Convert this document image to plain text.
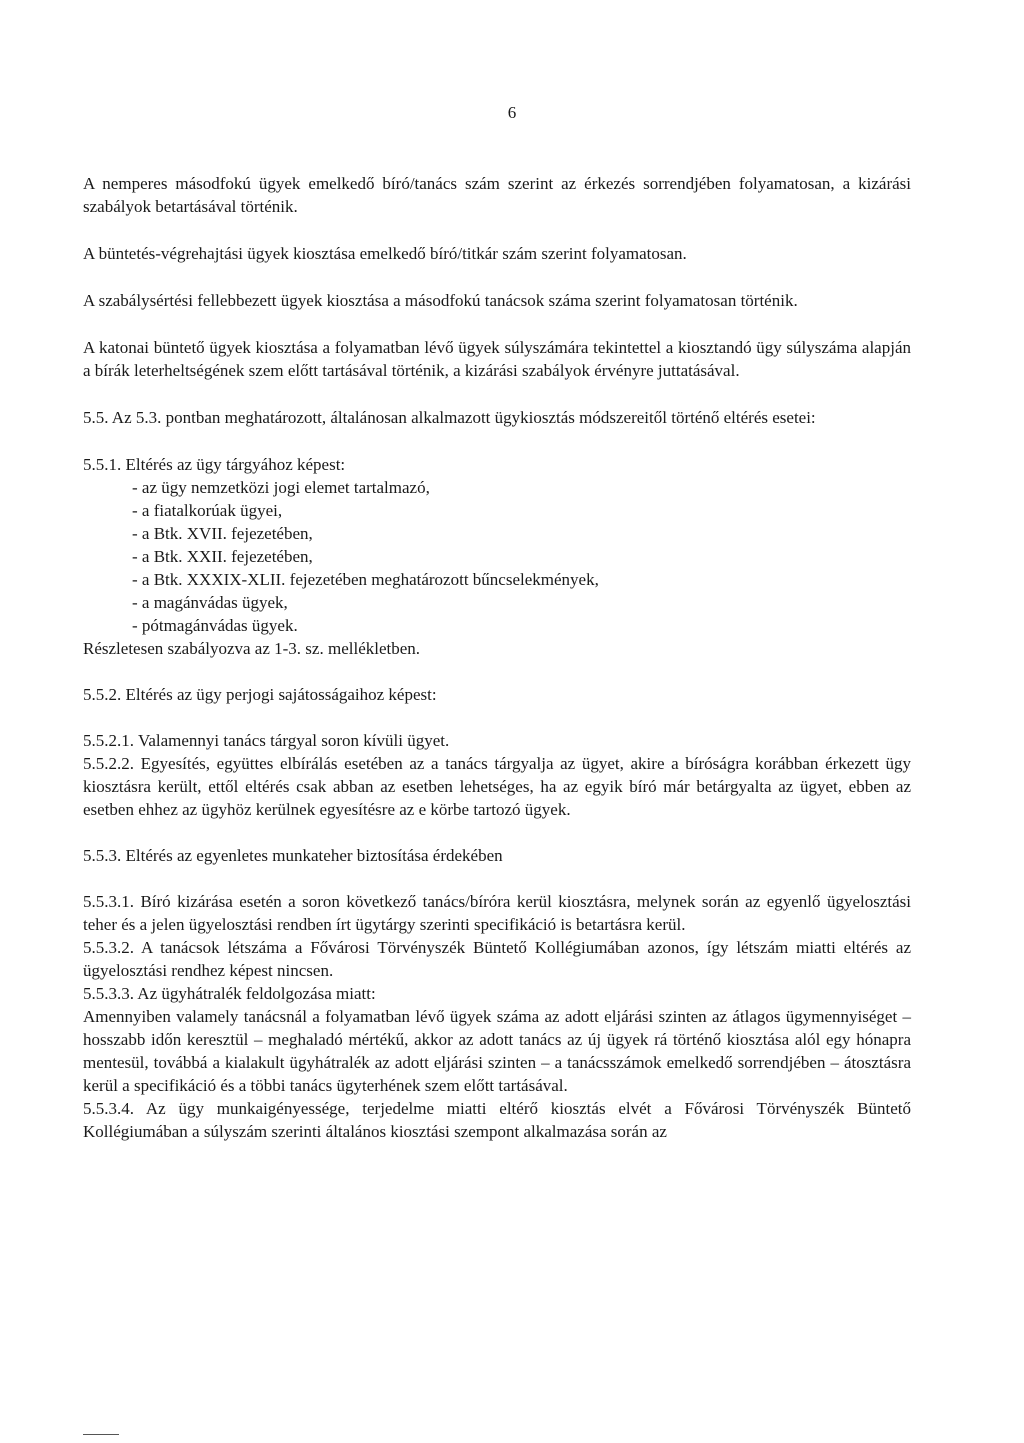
6

A nemperes másodfokú ügyek emelkedő bíró/tanács szám szerint az érkezés sorrendjében folyamatosan, a kizárási szabályok betartásával történik.

A büntetés-végrehajtási ügyek kiosztása emelkedő bíró/titkár szám szerint folyamatosan.

A szabálysértési fellebbezett ügyek kiosztása a másodfokú tanácsok száma szerint folyamatosan történik.

A katonai büntető ügyek kiosztása a folyamatban lévő ügyek súlyszámára tekintettel a kiosztandó ügy súlyszáma alapján a bírák leterheltségének szem előtt tartásával történik, a kizárási szabályok érvényre juttatásával.

5.5. Az 5.3. pontban meghatározott, általánosan alkalmazott ügykiosztás módszereitől történő eltérés esetei:

5.5.1. Eltérés az ügy tárgyához képest:

- az ügy nemzetközi jogi elemet tartalmazó,
- a fiatalkorúak ügyei,
- a Btk. XVII. fejezetében,
- a Btk. XXII. fejezetében,
- a Btk. XXXIX-XLII. fejezetében meghatározott bűncselekmények,
- a magánvádas ügyek,
- pótmagánvádas ügyek.

Részletesen szabályozva az 1-3. sz. mellékletben.

5.5.2. Eltérés az ügy perjogi sajátosságaihoz képest:

5.5.2.1. Valamennyi tanács tárgyal soron kívüli ügyet.

5.5.2.2. Egyesítés, együttes elbírálás esetében az a tanács tárgyalja az ügyet, akire a bíróságra korábban érkezett ügy kiosztásra került, ettől eltérés csak abban az esetben lehetséges, ha az egyik bíró már betárgyalta az ügyet, ebben az esetben ehhez az ügyhöz kerülnek egyesítésre az e körbe tartozó ügyek.

5.5.3. Eltérés az egyenletes munkateher biztosítása érdekében

5.5.3.1. Bíró kizárása esetén a soron következő tanács/bíróra kerül kiosztásra, melynek során az egyenlő ügyelosztási teher és a jelen ügyelosztási rendben írt ügytárgy szerinti specifikáció is betartásra kerül.

5.5.3.2. A tanácsok létszáma a Fővárosi Törvényszék Büntető Kollégiumában azonos, így létszám miatti eltérés az ügyelosztási rendhez képest nincsen.

5.5.3.3. Az ügyhátralék feldolgozása miatt:

Amennyiben valamely tanácsnál a folyamatban lévő ügyek száma az adott eljárási szinten az átlagos ügymennyiséget – hosszabb időn keresztül – meghaladó mértékű, akkor az adott tanács az új ügyek rá történő kiosztása alól egy hónapra mentesül, továbbá a kialakult ügyhátralék az adott eljárási szinten – a tanácsszámok emelkedő sorrendjében – átosztásra kerül a specifikáció és a többi tanács ügyterhének szem előtt tartásával.

5.5.3.4. Az ügy munkaigényessége, terjedelme miatti eltérő kiosztás elvét a Fővárosi Törvényszék Büntető Kollégiumában a súlyszám szerinti általános kiosztási szempont alkalmazása során az
